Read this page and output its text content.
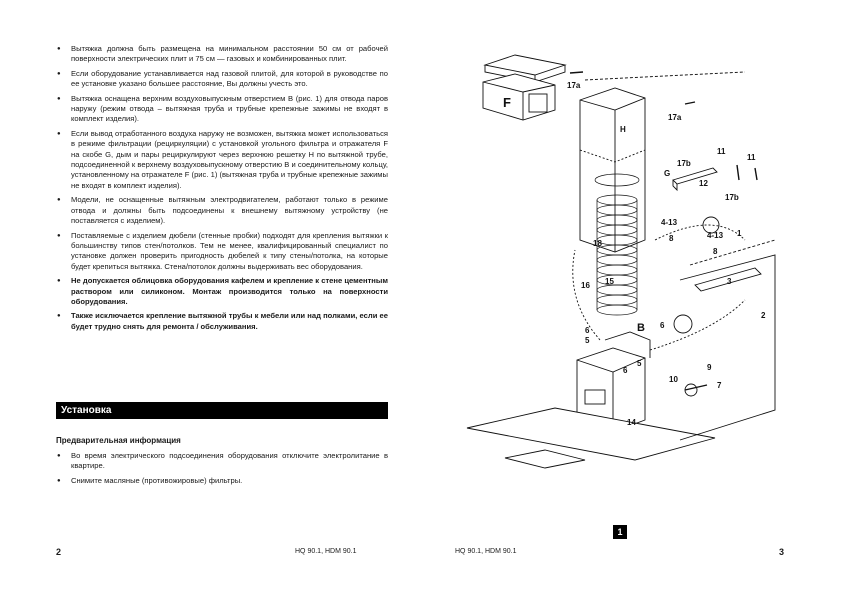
● Вытяжка должна быть размещена на минимальном расстоянии 50 см от рабочей поверхности электрических плит и 75 см — газовых и комбинированных плит.
● Если оборудование устанавливается над газовой плитой, для которой в руководстве по ее установке указано большее расстояние, Вы должны учесть это.
● Вытяжка оснащена верхним воздуховыпускным отверстием B (рис. 1) для отвода паров наружу (режим отвода – вытяжная труба и трубные крепежные зажимы не входят в комплект изделия).
● Если вывод отработанного воздуха наружу не возможен, вытяжка может использоваться в режиме фильтрации (рециркуляции) с установкой угольного фильтра и отражателя F на скобе G, дым и пары рециркулируют через верхнюю решетку H по вытяжной трубе, подсоединенной к верхнему воздуховыпускному отверстию B и соединительному кольцу, установленному на отражателе F (рис. 1) (вытяжная труба и трубные крепежные зажимы не входят в комплект изделия).
● Модели, не оснащенные вытяжным электродвигателем, работают только в режиме отвода и должны быть подсоединены к внешнему вытяжному устройству (не поставляется с изделием).
● Поставляемые с изделием дюбели (стенные пробки) подходят для крепления вытяжки к большинству типов стен/потолков. Тем не менее, квалифицированный специалист по установке должен проверить пригодность дюбелей к типу стены/потолка, на которые будет крепиться вытяжка. Стена/потолок должны выдерживать вес оборудования.
● Не допускается облицовка оборудования кафелем и крепление к стене цементным раствором или силиконом. Монтаж производится только на поверхности оборудования.
● Также исключается крепление вытяжной трубы к мебели или над полками, если ее будет трудно снять для ремонта / обслуживания.
Установка
Предварительная информация
● Во время электрического подсоединения оборудования отключите электролитание в квартире.
● Снимите масляные (противожировые) фильтры.
2	HQ 90.1, HDM 90.1	HQ 90.1, HDM 90.1	3
1
F
17a
17a
H
G
17b
17b
12
11
11
1
4-13
8	4-13
8
18
3
16 15
2
6
5
B 6
6
5
10
9
7
14
